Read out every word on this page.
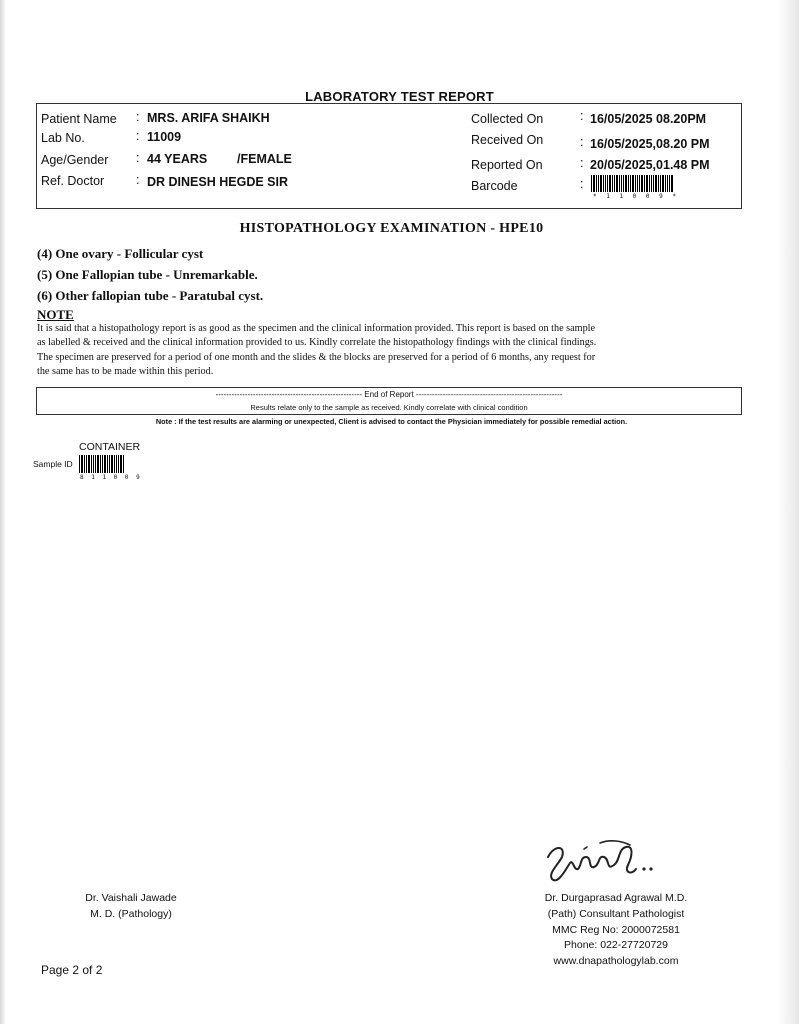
LABORATORY TEST REPORT
Patient Name : MRS. ARIFA SHAIKH
Lab No.	: 11009
Age/Gender : 44 YEARS /FEMALE
Ref. Doctor	: DR DINESH HEGDE SIR
Collected On	: 16/05/2025 08.20PM
Received On	: 16/05/2025,08.20 PM
Reported On	: 20/05/2025,01.48 PM
Barcode	:
* 1 1 0 0 9 *
HISTOPATHOLOGY EXAMINATION - HPE10
(4) One ovary - Follicular cyst
(5) One Fallopian tube - Unremarkable.
(6) Other fallopian tube - Paratubal cyst.
NOTE
It is said that a histopathology report is as good as the specimen and the clinical information provided. This report is based on the sample
as labelled & received and the clinical information provided to us. Kindly correlate the histopathology findings with the clinical findings.
The specimen are preserved for a period of one month and the slides & the blocks are preserved for a period of 6 months, any request for
the same has to be made within this period.
------------------------------------------------------- End of Report -------------------------------------------------------
Results relate only to the sample as received. Kindly correlate with clinical condition
Note : If the test results are alarming or unexpected, Client is advised to contact the Physician immediately for possible remedial action.
CONTAINER
Sample ID
8 1 1 0 0 9
Dr. Vaishali Jawade
M. D. (Pathology)
Dr. Durgaprasad Agrawal M.D.
(Path) Consultant Pathologist
MMC Reg No: 2000072581
Phone: 022-27720729
www.dnapathologylab.com
Page 2 of 2
